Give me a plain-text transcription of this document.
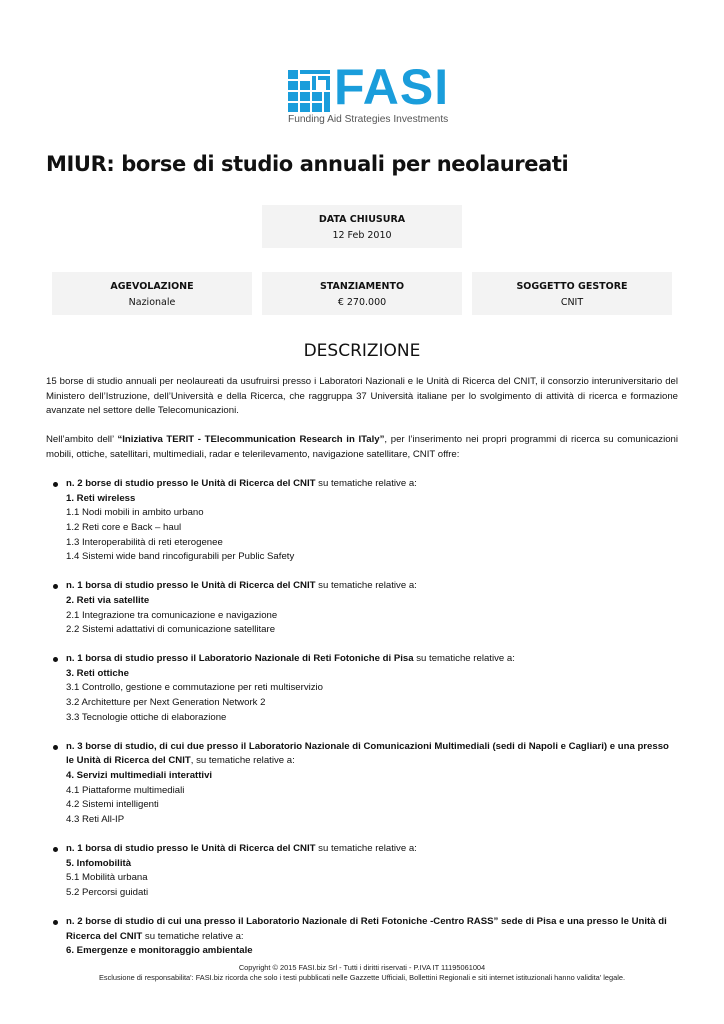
FASI
Funding Aid Strategies Investments
MIUR: borse di studio annuali per neolaureati
DATA CHIUSURA
12 Feb 2010
AGEVOLAZIONE
Nazionale
STANZIAMENTO
€ 270.000
SOGGETTO GESTORE
CNIT
DESCRIZIONE

15 borse di studio annuali per neolaureati da usufruirsi presso i Laboratori Nazionali e le Unità di Ricerca del CNIT, il consorzio interuniversitario del Ministero dell’Istruzione, dell’Università e della Ricerca, che raggruppa 37 Università italiane per lo svolgimento di attività di ricerca e formazione avanzate nel settore delle Telecomunicazioni.

Nell’ambito dell’ “Iniziativa TERIT - TElecommunication Research in ITaly”, per l’inserimento nei propri programmi di ricerca su comunicazioni mobili, ottiche, satellitari, multimediali, radar e telerilevamento, navigazione satellitare, CNIT offre:

n. 2 borse di studio presso le Unità di Ricerca del CNIT su tematiche relative a:
1. Reti wireless
1.1 Nodi mobili in ambito urbano
1.2 Reti core e Back – haul
1.3 Interoperabilità di reti eterogenee
1.4 Sistemi wide band rincofigurabili per Public Safety
n. 1 borsa di studio presso le Unità di Ricerca del CNIT su tematiche relative a:
2. Reti via satellite
2.1 Integrazione tra comunicazione e navigazione
2.2 Sistemi adattativi di comunicazione satellitare
n. 1 borsa di studio presso il Laboratorio Nazionale di Reti Fotoniche di Pisa su tematiche relative a:
3. Reti ottiche
3.1 Controllo, gestione e commutazione per reti multiservizio
3.2 Architetture per Next Generation Network 2
3.3 Tecnologie ottiche di elaborazione
n. 3 borse di studio, di cui due presso il Laboratorio Nazionale di Comunicazioni Multimediali (sedi di Napoli e Cagliari) e una presso le Unità di Ricerca del CNIT, su tematiche relative a:
4. Servizi multimediali interattivi
4.1 Piattaforme multimediali
4.2 Sistemi intelligenti
4.3 Reti All-IP
n. 1 borsa di studio presso le Unità di Ricerca del CNIT su tematiche relative a:
5. Infomobilità
5.1 Mobilità urbana
5.2 Percorsi guidati
n. 2 borse di studio di cui una presso il Laboratorio Nazionale di Reti Fotoniche -Centro RASS” sede di Pisa e una presso le Unità di Ricerca del CNIT su tematiche relative a:
6. Emergenze e monitoraggio ambientale
Copyright © 2015 FASI.biz Srl - Tutti i diritti riservati - P.IVA IT 11195061004
Esclusione di responsabilita': FASI.biz ricorda che solo i testi pubblicati nelle Gazzette Ufficiali, Bollettini Regionali e siti internet istituzionali hanno validita' legale.
